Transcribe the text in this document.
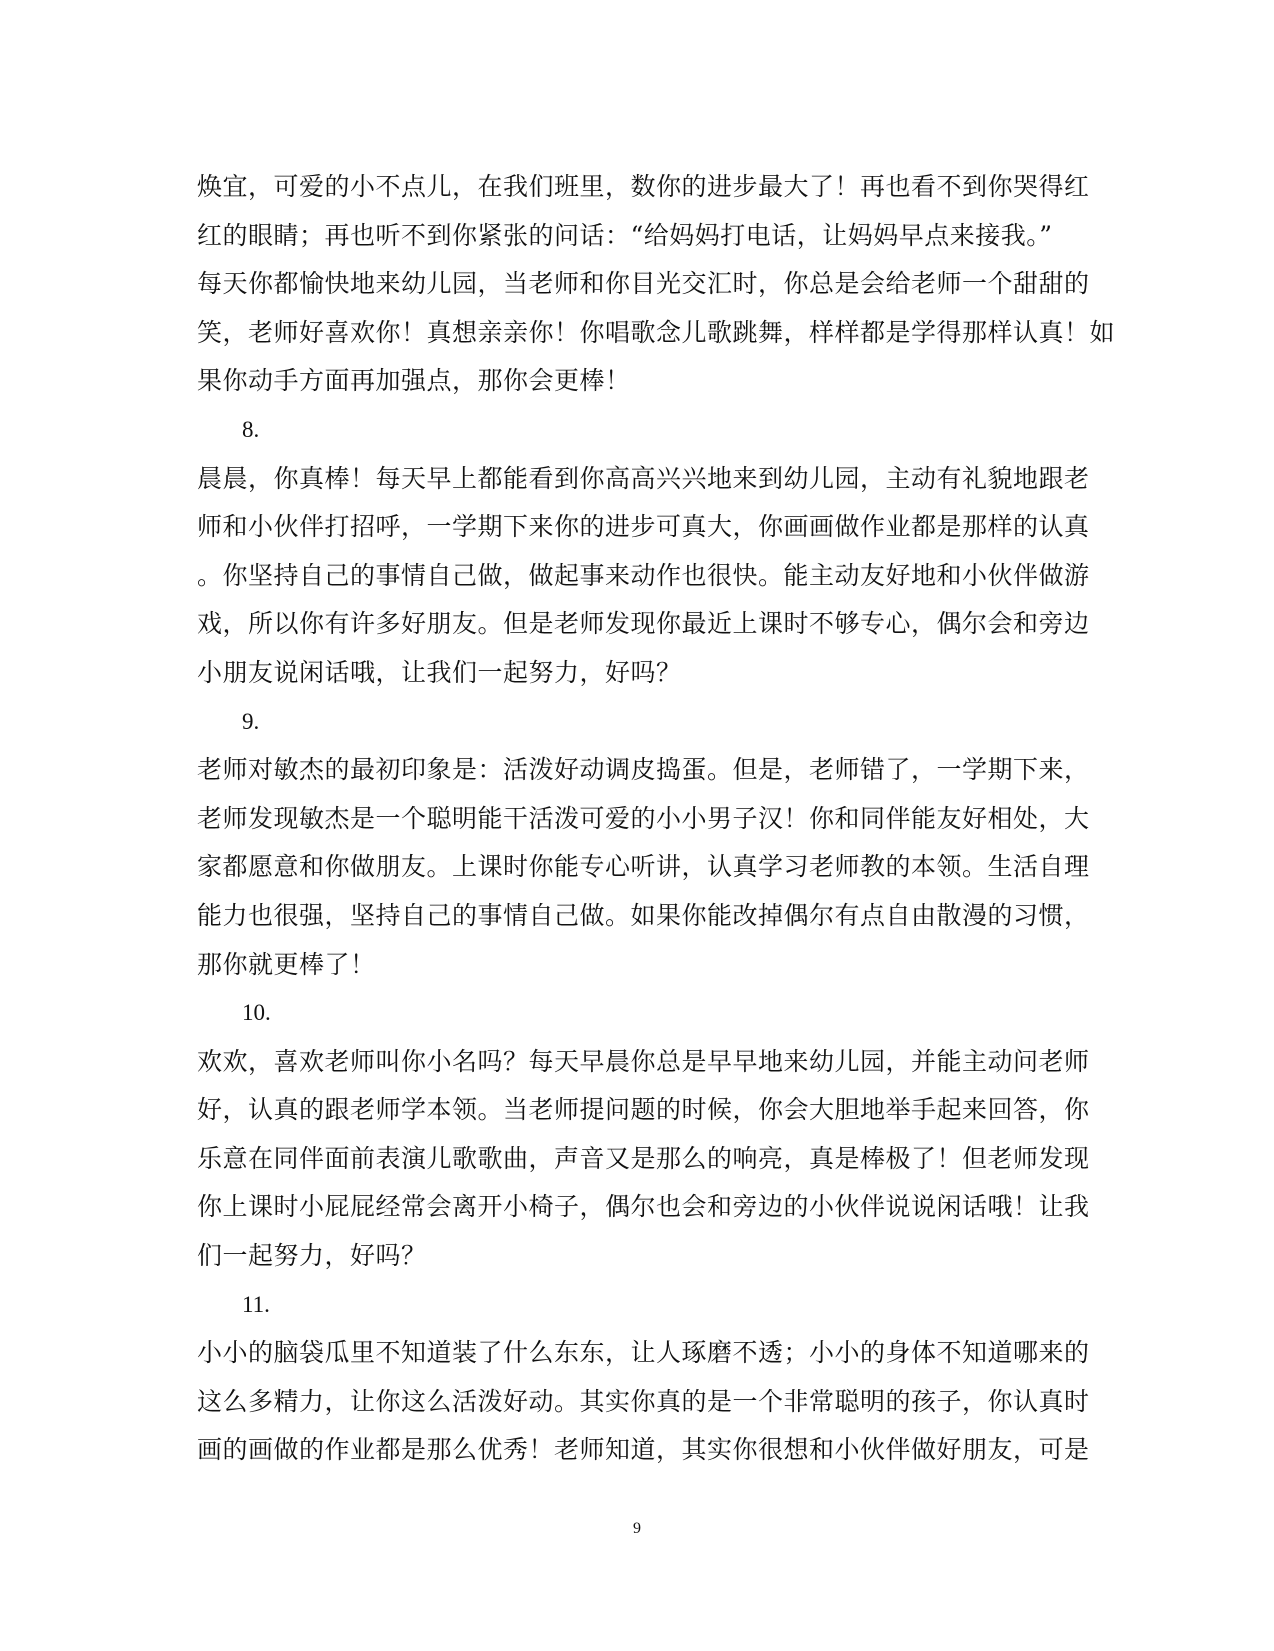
焕宜，可爱的小不点儿，在我们班里，数你的进步最大了！再也看不到你哭得红
红的眼睛；再也听不到你紧张的问话：“给妈妈打电话，让妈妈早点来接我。”
每天你都愉快地来幼儿园，当老师和你目光交汇时，你总是会给老师一个甜甜的
笑，老师好喜欢你！真想亲亲你！你唱歌念儿歌跳舞，样样都是学得那样认真！如
果你动手方面再加强点，那你会更棒！
8.
晨晨，你真棒！每天早上都能看到你高高兴兴地来到幼儿园，主动有礼貌地跟老
师和小伙伴打招呼，一学期下来你的进步可真大，你画画做作业都是那样的认真
。你坚持自己的事情自己做，做起事来动作也很快。能主动友好地和小伙伴做游
戏，所以你有许多好朋友。但是老师发现你最近上课时不够专心，偶尔会和旁边
小朋友说闲话哦，让我们一起努力，好吗？
9.
老师对敏杰的最初印象是：活泼好动调皮捣蛋。但是，老师错了，一学期下来，
老师发现敏杰是一个聪明能干活泼可爱的小小男子汉！你和同伴能友好相处，大
家都愿意和你做朋友。上课时你能专心听讲，认真学习老师教的本领。生活自理
能力也很强，坚持自己的事情自己做。如果你能改掉偶尔有点自由散漫的习惯，
那你就更棒了！
10.
欢欢，喜欢老师叫你小名吗？每天早晨你总是早早地来幼儿园，并能主动问老师
好，认真的跟老师学本领。当老师提问题的时候，你会大胆地举手起来回答，你
乐意在同伴面前表演儿歌歌曲，声音又是那么的响亮，真是棒极了！但老师发现
你上课时小屁屁经常会离开小椅子，偶尔也会和旁边的小伙伴说说闲话哦！让我
们一起努力，好吗？
11.
小小的脑袋瓜里不知道装了什么东东，让人琢磨不透；小小的身体不知道哪来的
这么多精力，让你这么活泼好动。其实你真的是一个非常聪明的孩子，你认真时
画的画做的作业都是那么优秀！老师知道，其实你很想和小伙伴做好朋友，可是
9
